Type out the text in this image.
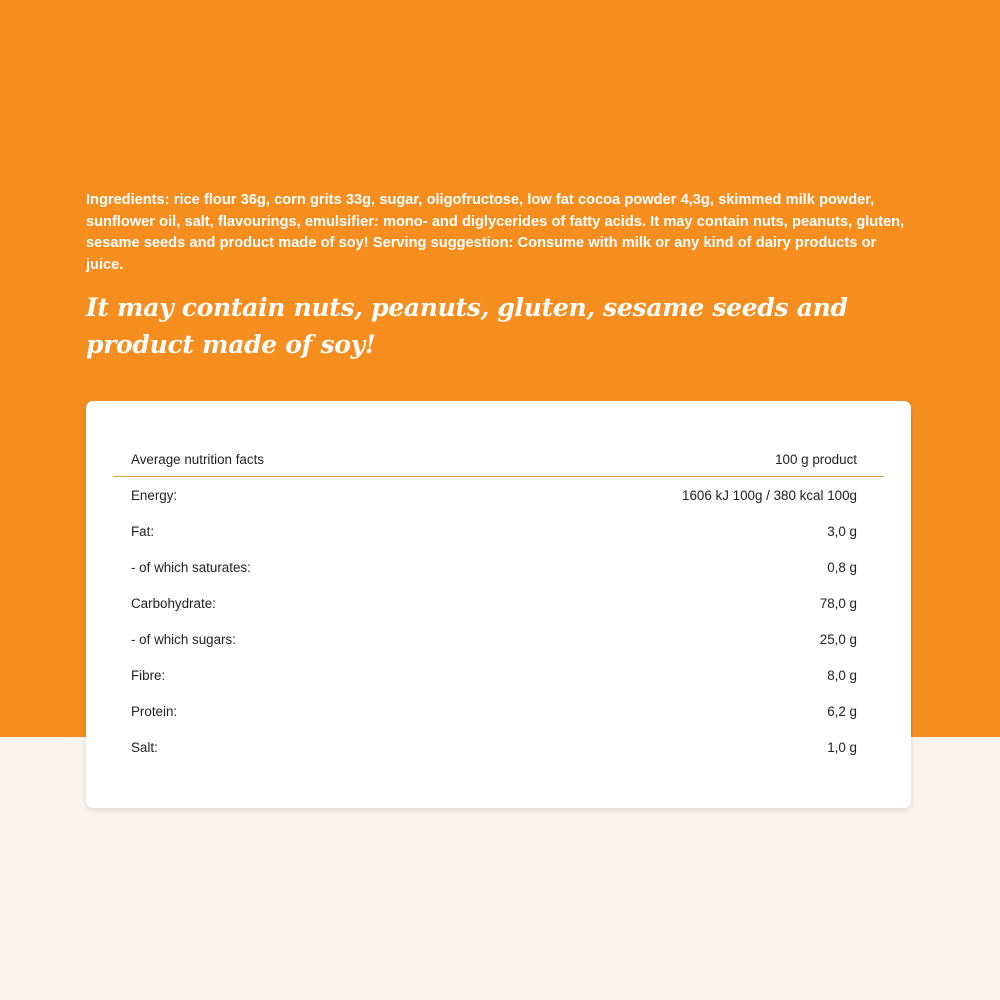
Ingredients: rice flour 36g, corn grits 33g, sugar, oligofructose, low fat cocoa powder 4,3g, skimmed milk powder, sunflower oil, salt, flavourings, emulsifier: mono- and diglycerides of fatty acids. It may contain nuts, peanuts, gluten, sesame seeds and product made of soy! Serving suggestion: Consume with milk or any kind of dairy products or juice.

It may contain nuts, peanuts, gluten, sesame seeds and product made of soy!

Average nutrition facts	100 g product
Energy:	1606 kJ 100g / 380 kcal 100g
Fat:	3,0 g
- of which saturates:	0,8 g
Carbohydrate:	78,0 g
- of which sugars:	25,0 g
Fibre:	8,0 g
Protein:	6,2 g
Salt:	1,0 g
